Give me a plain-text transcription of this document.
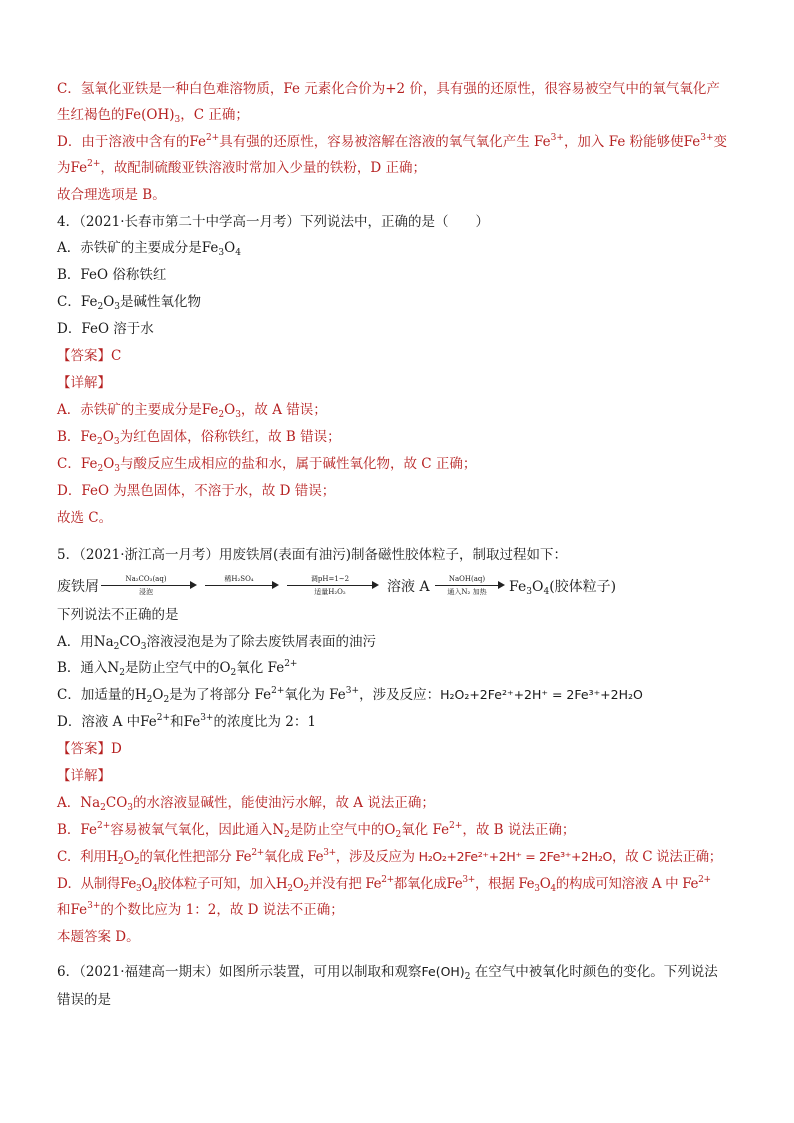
C．氢氧化亚铁是一种白色难溶物质，Fe 元素化合价为+2 价，具有强的还原性，很容易被空气中的氧气氧化产
生红褐色的$Fe(OH)_3$，C 正确；
D．由于溶液中含有的$Fe^{2+}$具有强的还原性，容易被溶解在溶液的氧气氧化产生 $Fe^{3+}$，加入 Fe 粉能够使$Fe^{3+}$变
为$Fe^{2+}$，故配制硫酸亚铁溶液时常加入少量的铁粉，D 正确；
故合理选项是 B。
4．（2021·长春市第二十中学高一月考）下列说法中，正确的是（　　）
A．赤铁矿的主要成分是$Fe_3O_4$
B．FeO 俗称铁红
C．$Fe_2O_3$是碱性氧化物
D．FeO 溶于水
【答案】C
【详解】
A．赤铁矿的主要成分是$Fe_2O_3$，故 A 错误；
B．$Fe_2O_3$为红色固体，俗称铁红，故 B 错误；
C．$Fe_2O_3$与酸反应生成相应的盐和水，属于碱性氧化物，故 C 正确；
D．FeO 为黑色固体，不溶于水，故 D 错误；
故选 C。
5．（2021·浙江高一月考）用废铁屑(表面有油污)制备磁性胶体粒子，制取过程如下：
废铁屑	Na₂CO₃(aq)
浸泡
稀H₂SO₄	调pH=1~2
适量H₂O₂	溶液 A	NaOH(aq)
通入N₂ 加热	$Fe_3O_4$(胶体粒子)
下列说法不正确的是
A．用$Na_2CO_3$溶液浸泡是为了除去废铁屑表面的油污
B．通入$N_2$是防止空气中的$O_2$氧化 $Fe^{2+}$
C．加适量的$H_2O_2$是为了将部分 $Fe^{2+}$氧化为 $Fe^{3+}$，涉及反应：H₂O₂+2Fe²⁺+2H⁺ = 2Fe³⁺+2H₂O
D．溶液 A 中$Fe^{2+}$和$Fe^{3+}$的浓度比为 2：1
【答案】D
【详解】
A．$Na_2CO_3$的水溶液显碱性，能使油污水解，故 A 说法正确；
B．$Fe^{2+}$容易被氧气氧化，因此通入$N_2$是防止空气中的$O_2$氧化 $Fe^{2+}$，故 B 说法正确；
C．利用$H_2O_2$的氧化性把部分 $Fe^{2+}$氧化成 $Fe^{3+}$，涉及反应为 H₂O₂+2Fe²⁺+2H⁺ = 2Fe³⁺+2H₂O，故 C 说法正确；
D．从制得$Fe_3O_4$胶体粒子可知，加入$H_2O_2$并没有把 $Fe^{2+}$都氧化成$Fe^{3+}$，根据 $Fe_3O_4$的构成可知溶液 A 中 $Fe^{2+}$
和$Fe^{3+}$的个数比应为 1：2，故 D 说法不正确；
本题答案 D。
6．（2021·福建高一期末）如图所示装置，可用以制取和观察$Fe(OH)_2$ 在空气中被氧化时颜色的变化。下列说法
错误的是
